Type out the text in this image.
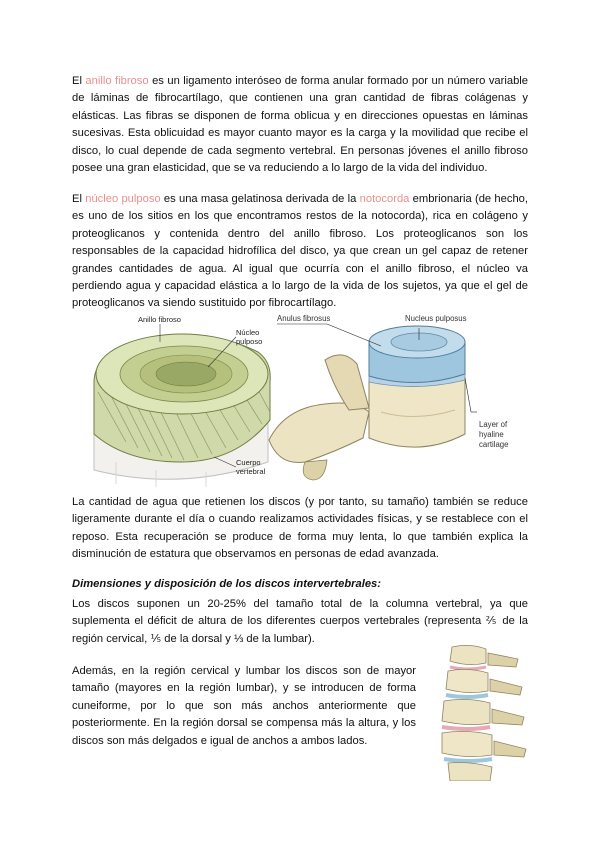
El anillo fibroso es un ligamento interóseo de forma anular formado por un número variable de láminas de fibrocartílago, que contienen una gran cantidad de fibras colágenas y elásticas. Las fibras se disponen de forma oblicua y en direcciones opuestas en láminas sucesivas. Esta oblicuidad es mayor cuanto mayor es la carga y la movilidad que recibe el disco, lo cual depende de cada segmento vertebral. En personas jóvenes el anillo fibroso posee una gran elasticidad, que se va reduciendo a lo largo de la vida del individuo.

El núcleo pulposo es una masa gelatinosa derivada de la notocorda embrionaria (de hecho, es uno de los sitios en los que encontramos restos de la notocorda), rica en colágeno y proteoglicanos y contenida dentro del anillo fibroso. Los proteoglicanos son los responsables de la capacidad hidrofílica del disco, ya que crean un gel capaz de retener grandes cantidades de agua. Al igual que ocurría con el anillo fibroso, el núcleo va perdiendo agua y capacidad elástica a lo largo de la vida de los sujetos, ya que el gel de proteoglicanos va siendo sustituido por fibrocartílago.

Anillo fibroso
Núcleo
pulposo
Cuerpo
vertebral
Anulus fibrosus	Nucleus pulposus
Layer of
hyaline
cartilage

La cantidad de agua que retienen los discos (y por tanto, su tamaño) también se reduce ligeramente durante el día o cuando realizamos actividades físicas, y se restablece con el reposo. Esta recuperación se produce de forma muy lenta, lo que también explica la disminución de estatura que observamos en personas de edad avanzada.

Dimensiones y disposición de los discos intervertebrales:

Los discos suponen un 20-25% del tamaño total de la columna vertebral, ya que suplementa el déficit de altura de los diferentes cuerpos vertebrales (representa ⅖ de la región cervical, ⅕ de la dorsal y ⅓ de la lumbar).

Además, en la región cervical y lumbar los discos son de mayor tamaño (mayores en la región lumbar), y se introducen de forma cuneiforme, por lo que son más anchos anteriormente que posteriormente. En la región dorsal se compensa más la altura, y los discos son más delgados e igual de anchos a ambos lados.
